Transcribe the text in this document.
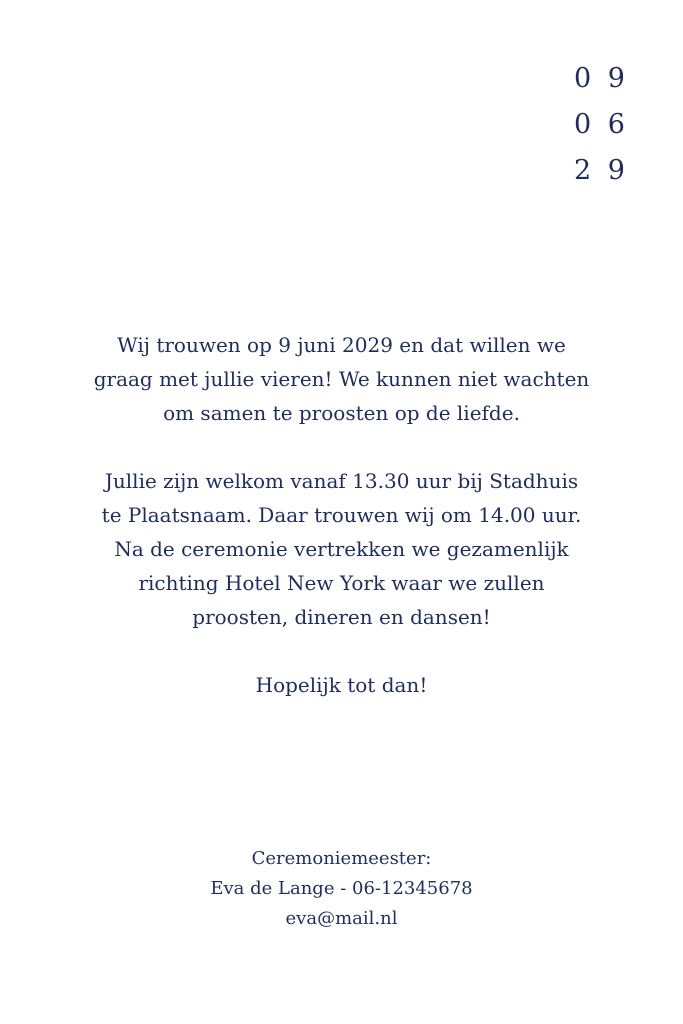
0 9
0 6
2 9
Wij trouwen op 9 juni 2029 en dat willen we
graag met jullie vieren! We kunnen niet wachten
om samen te proosten op de liefde.
Jullie zijn welkom vanaf 13.30 uur bij Stadhuis
te Plaatsnaam. Daar trouwen wij om 14.00 uur.
Na de ceremonie vertrekken we gezamenlijk
richting Hotel New York waar we zullen
proosten, dineren en dansen!
Hopelijk tot dan!
Ceremoniemeester:
Eva de Lange - 06-12345678
eva@mail.nl
